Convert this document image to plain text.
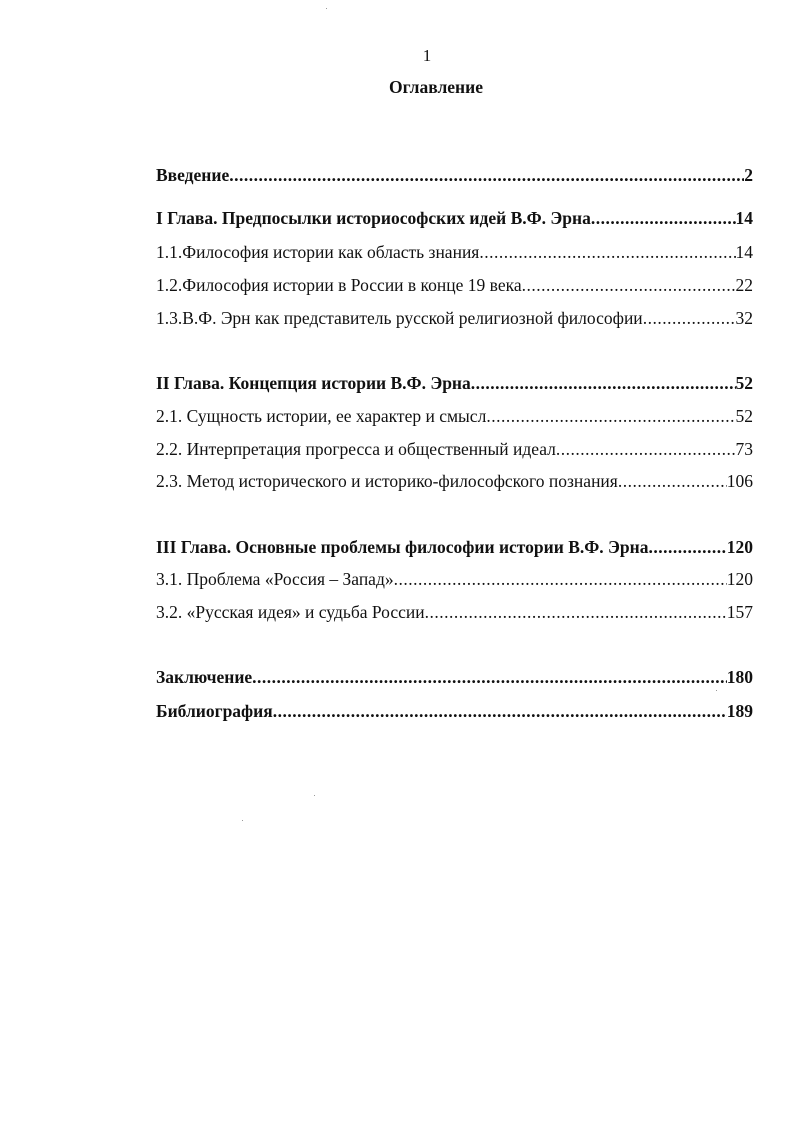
1
Оглавление
Введение .....	2
I Глава. Предпосылки историософских идей В.Ф. Эрна .....	14
1.1.Философия истории как область знания .....	14
1.2.Философия истории в России в конце 19 века .....	22
1.3.В.Ф. Эрн как представитель русской религиозной философии .....	32
II Глава. Концепция истории В.Ф. Эрна .....	52
2.1. Сущность истории, ее характер и смысл .....	52
2.2. Интерпретация прогресса и общественный идеал .....	73
2.3. Метод исторического и историко-философского познания .....	106
III Глава. Основные проблемы философии истории В.Ф. Эрна .....	120
3.1. Проблема «Россия – Запад» .....	120
3.2. «Русская идея» и судьба России .....	157
Заключение .....	180
Библиография .....	189
